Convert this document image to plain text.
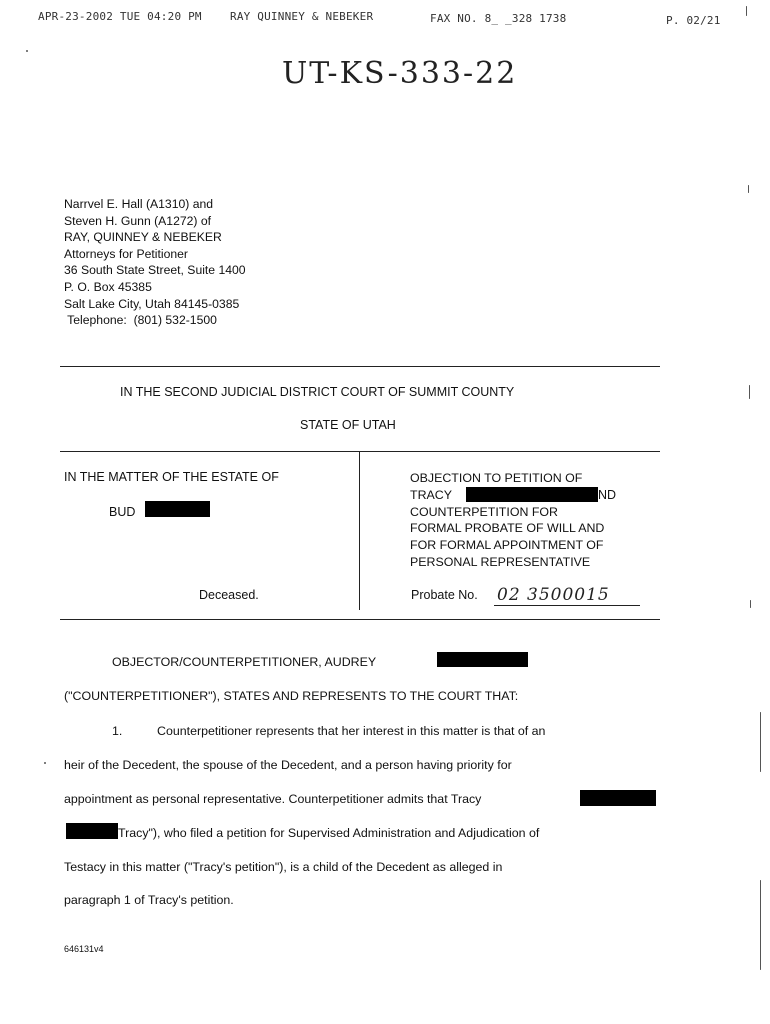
APR-23-2002 TUE 04:20 PM	RAY QUINNEY & NEBEKER	FAX NO. 8_ _328 1738	P. 02/21
UT-KS-333-22
Narrvel E. Hall (A1310) and
Steven H. Gunn (A1272) of
RAY, QUINNEY & NEBEKER
Attorneys for Petitioner
36 South State Street, Suite 1400
P. O. Box 45385
Salt Lake City, Utah 84145-0385
Telephone:  (801) 532-1500
IN THE SECOND JUDICIAL DISTRICT COURT OF SUMMIT COUNTY
STATE OF UTAH
IN THE MATTER OF THE ESTATE OF
BUD
Deceased.
OBJECTION TO PETITION OF
TRACY
COUNTERPETITION FOR
FORMAL PROBATE OF WILL AND
FOR FORMAL APPOINTMENT OF
PERSONAL REPRESENTATIVE
ND
Probate No. 02 3500015
OBJECTOR/COUNTERPETITIONER, AUDREY
("COUNTERPETITIONER"), STATES AND REPRESENTS TO THE COURT THAT:
1.	Counterpetitioner represents that her interest in this matter is that of an
heir of the Decedent, the spouse of the Decedent, and a person having priority for
appointment as personal representative. Counterpetitioner admits that Tracy
Tracy"), who filed a petition for Supervised Administration and Adjudication of
Testacy in this matter ("Tracy's petition"), is a child of the Decedent as alleged in
paragraph 1 of Tracy's petition.
646131v4
